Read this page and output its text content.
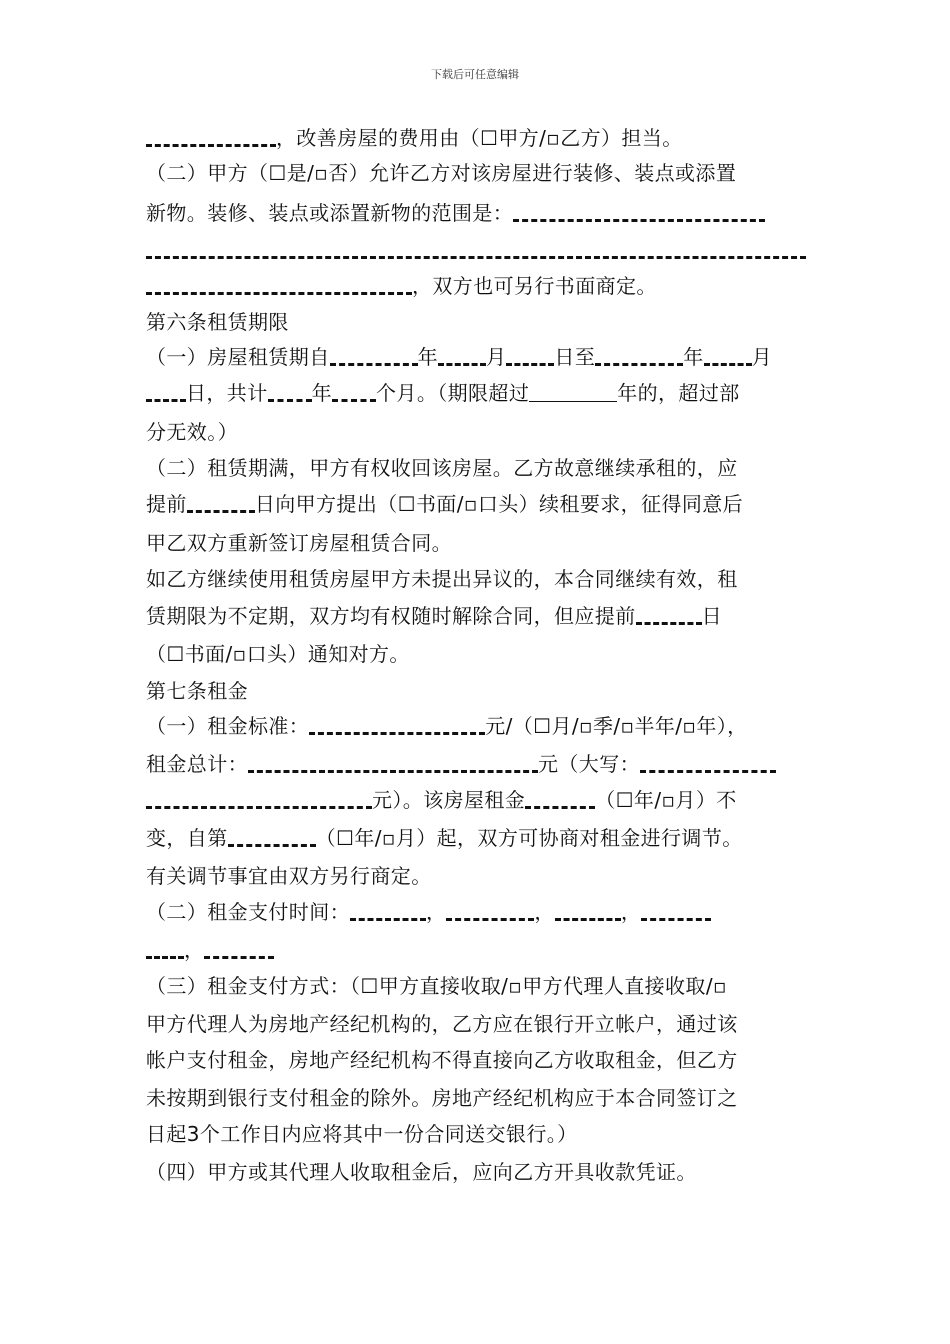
下载后可任意编辑
，改善房屋的费用由（☐甲方/▫乙方）担当。
（二）甲方（☐是/▫否）允许乙方对该房屋进行装修、装点或添置
新物。装修、装点或添置新物的范围是：
，双方也可另行书面商定。
第六条租赁期限
（一）房屋租赁期自	年 月 日至	年 月
日，共计 年 个月。（期限超过	年的，超过部
分无效。）
（二）租赁期满，甲方有权收回该房屋。乙方故意继续承租的，应
提前	日向甲方提出（☐书面/▫口头）续租要求，征得同意后
甲乙双方重新签订房屋租赁合同。
如乙方继续使用租赁房屋甲方未提出异议的，本合同继续有效，租
赁期限为不定期，双方均有权随时解除合同，但应提前	日
（☐书面/▫口头）通知对方。
第七条租金
（一）租金标准：	元/（☐月/▫季/▫半年/▫年），
租金总计：	元（大写：
元）。该房屋租金	（☐年/▫月）不
变，自第	（☐年/▫月）起，双方可协商对租金进行调节。
有关调节事宜由双方另行商定。
（二）租金支付时间：	，	，	，
，
（三）租金支付方式：（☐甲方直接收取/▫甲方代理人直接收取/▫
甲方代理人为房地产经纪机构的，乙方应在银行开立帐户，通过该
帐户支付租金，房地产经纪机构不得直接向乙方收取租金，但乙方
未按期到银行支付租金的除外。房地产经纪机构应于本合同签订之
日起3个工作日内应将其中一份合同送交银行。）
（四）甲方或其代理人收取租金后，应向乙方开具收款凭证。
